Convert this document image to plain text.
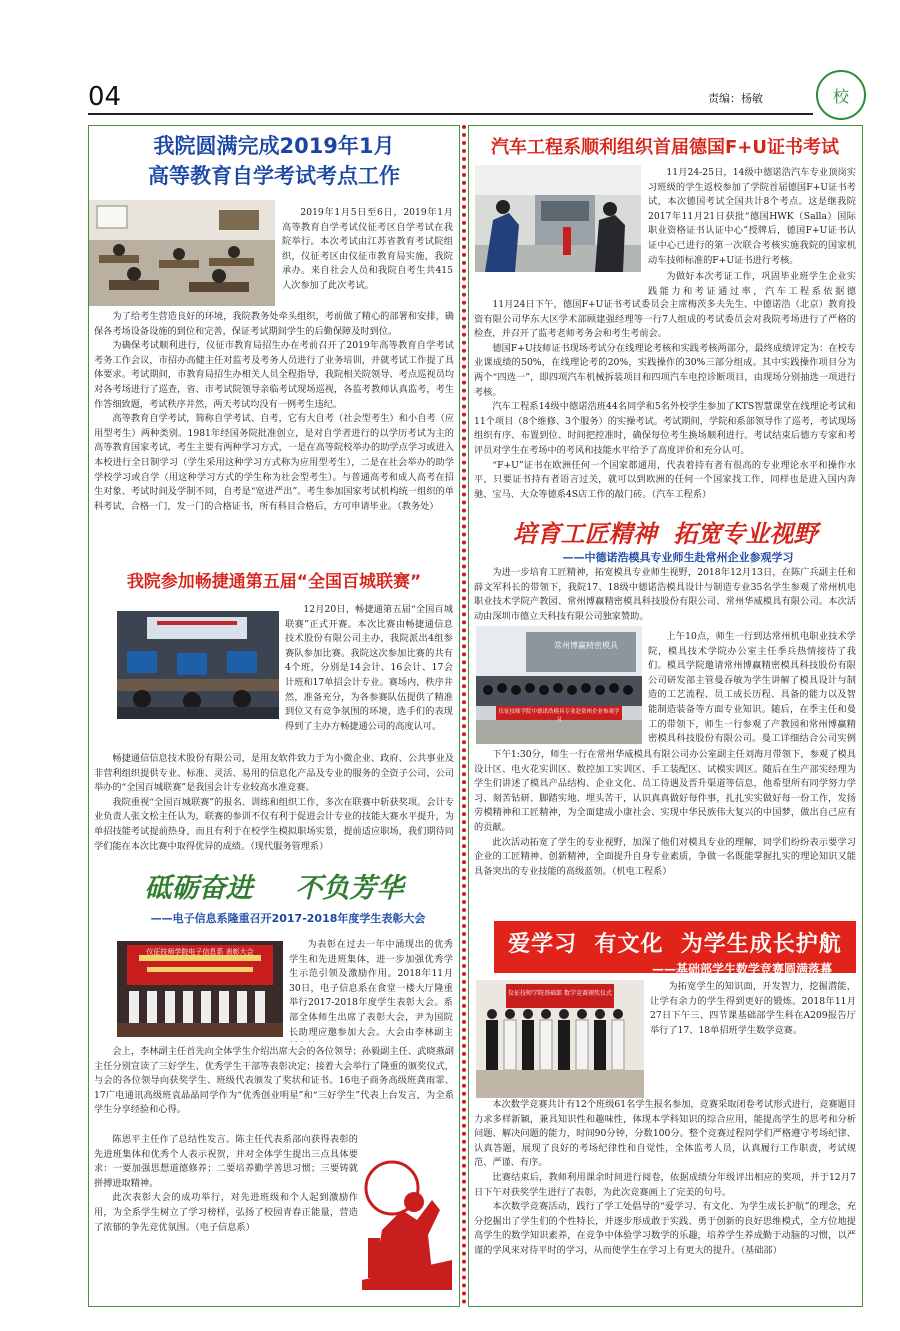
04	责编：杨敏	校
我院圆满完成2019年1月
高等教育自学考试考点工作
2019年1月5日至6日，2019年1月高等教育自学考试仪征考区自学考试在我院举行。本次考试由江苏省教育考试院组织，仪征考区由仪征市教育局实施，我院承办。来自社会人员和我院自考生共415人次参加了此次考试。

为了给考生营造良好的环境，我院教务处牵头组织，考前做了精心的部署和安排，确保各考场设备设施的到位和完善，保证考试期间学生的后勤保障及时到位。

为确保考试顺利进行，仪征市教育局招生办在考前召开了2019年高等教育自学考试考务工作会议，市招办高健主任对监考及考务人员进行了业务培训，并就考试工作提了具体要求。考试期间，市教育局招生办相关人员全程指导，我院相关院领导、考点巡视员均对各考场进行了巡查，省、市考试院领导亲临考试现场巡视，各监考教师认真监考，考生作答细致题，考试秩序井然，两天考试均没有一例考生违纪。

高等教育自学考试，简称自学考试、自考，它有大自考（社会型考生）和小自考（应用型考生）两种类别。1981年经国务院批准创立，是对自学者进行的以学历考试为主的高等教育国家考试，考生主要有两种学习方式，一是在高等院校举办的助学点学习或进入本校进行全日制学习（学生采用这种学习方式称为应用型考生），二是在社会举办的助学学校学习或自学（用这种学习方式的学生称为社会型考生）。与普通高考和成人高考在招生对象、考试时间及学制不同，自考是“宽进严出”。考生参加国家考试机构统一组织的单科考试，合格一门，发一门的合格证书，所有科目合格后，方可申请毕业。（教务处）

我院参加畅捷通第五届“全国百城联赛”
12月20日，畅捷通第五届“全国百城联赛”正式开赛。本次比赛由畅捷通信息技术股份有限公司主办，我院派出4组参赛队参加比赛。我院这次参加比赛的共有4个班，分别是14会计、16会计、17会计班和17单招会计专业。赛场内，秩序井然，准备充分，为各参赛队伍提供了精准到位又有竞争氛围的环境，选手们的表现得到了主办方畅捷通公司的高度认可。

畅捷通信信息技术股份有限公司，是用友软件致力于为小微企业、政府、公共事业及非营利组织提供专业、标准、灵活、易用的信息化产品及专业的服务的全资子公司，公司举办的“全国百城联赛”是我国会计专业较高水准竞赛。

我院重视“全国百城联赛”的报名、训练和组织工作，多次在联赛中斩获奖项。会计专业负责人张文松主任认为，联赛的参训不仅有利于促进会计专业的技能大赛水平提升，为单招技能考试提前热身，而且有利于在校学生模拟职场实景，提前适应职场，我们期待同学们能在本次比赛中取得优异的成绩。（现代服务管理系）

砥砺奋进 不负芳华
——电子信息系隆重召开2017-2018年度学生表彰大会
仪征技师学院电子信息系 表彰大会
为表彰在过去一年中涌现出的优秀学生和先进班集体，进一步加强优秀学生示范引领及激励作用。2018年11月30日，电子信息系在食堂一楼大厅隆重举行2017-2018年度学生表彰大会。系部全体师生出席了表彰大会，尹为国院长助理应邀参加大会。大会由李林副主

会上，李林副主任首先向全体学生介绍出席大会的各位领导；孙毅副主任、武晓燕副主任分别宣读了三好学生、优秀学生干部等表彰决定；接着大会举行了隆重的颁奖仪式，与会的各位领导向获奖学生、班级代表颁发了奖状和证书。16电子商务高级班龚雨霏、17广电通讯高级班袁晶晶同学作为“优秀创业明星”和“三好学生”代表上台发言，为全系学生分享经验和心得。

陈恩平主任作了总结性发言。陈主任代表系部向获得表彰的先进班集体和优秀个人表示祝贺，并对全体学生提出三点具体要求：一要加强思想道德修养；二要培养勤学善思习惯；三要铸就拼搏进取精神。

此次表彰大会的成功举行，对先进班级和个人起到激励作用，为全系学生树立了学习榜样，弘扬了校园青春正能量，营造了浓郁的争先竞优氛围。（电子信息系）

汽车工程系顺利组织首届德国F+U证书考试
11月24-25日，14级中德诺浩汽车专业顶岗实习班级的学生返校参加了学院首届德国F+U证书考试，本次德国考试全国共计8个考点。这是继我院2017年11月21日获批“德国HWK（Salla）国际职业资格证书认证中心”授牌后，德国F+U证书认证中心已进行的第一次联合考核实施我院的国家机动车技师标准的F+U证书进行考核。

为做好本次考证工作，巩固毕业班学生企业实践能力和考证通过率，汽车工程系依据德

11月24日下午，德国F+U证书考试委员会主席梅茨多夫先生、中德诺浩（北京）教育投资有限公司华东大区学术部顾建强经理等一行7人组成的考试委员会对我院考场进行了严格的检查，并召开了监考老师考务会和考生考前会。

德国F+U技师证书现场考试分在线理论考核和实践考核两部分，最终成绩评定为：在校专业课成绩的50%，在线理论考的20%，实践操作的30%三部分组成。其中实践操作项目分为两个“四选一”，即四项汽车机械拆装项目和四项汽车电控诊断项目，由现场分别抽选一项进行考核。

汽车工程系14级中德诺浩班44名同学和5名外校学生参加了KTS智慧课堂在线理论考试和11个项目（8个维修、3个服务）的实操考试。考试期间，学院和系部领导作了巡考，考试现场组织有序、布置到位、时间把控准时，确保每位考生换场顺利进行。考试结束后德方专家和考评员对学生在考场中的考风和技能水平给予了高度评价和充分认可。

“F+U”证书在欧洲任何一个国家都通用，代表着持有者有很高的专业理论水平和操作水平，只要证书持有者语言过关，就可以到欧洲的任何一个国家找工作，同样也是进入国内奔驰、宝马、大众等德系4S店工作的敲门砖。（汽车工程系）

培育工匠精神  拓宽专业视野
——中德诺浩模具专业师生赴常州企业参观学习
为进一步培育工匠精神，拓宽模具专业师生视野，2018年12月13日，在陈广兵副主任和薛文军科长的带领下，我院17、18级中德诺浩模具设计与制造专业35名学生参观了常州机电职业技术学院产教园、常州博赢精密模具科技股份有限公司、常州华威模具有限公司。本次活动由深圳市德立天科技有限公司独家赞助。
常州博赢精密模具
仪征技师学院中德诺浩模具专业赴常州企业参观学习

上午10点，师生一行到达常州机电职业技术学院，模具技术学院办公室主任季兵热情接待了我们。模具学院邀请常州博赢精密模具科技股份有限公司研发部主管曼吞敏为学生讲解了模具设计与制造的工艺流程、员工成长历程、具备的能力以及智能制造装备等方面专业知识。随后，在季主任和曼工的带领下，师生一行参观了产教园和常州博赢精密模具科技股份有限公司。曼工详细结合公司实例

下午1:30分，师生一行在常州华威模具有限公司办公室副主任刘海月带领下，参观了模具设计区、电火花实训区、数控加工实训区、手工装配区、试模实训区。随后在生产部实经理为学生们讲述了模具产品结构、企业文化、员工待遇及晋升渠道等信息，他希望所有同学努力学习、刻苦钻研、脚踏实地、埋头苦干，认识真真做好每件事，扎扎实实做好每一份工作，发扬劳模精神和工匠精神，为全面建成小康社会、实现中华民族伟大复兴的中国梦，做出自己应有的贡献。

此次活动拓宽了学生的专业视野，加深了他们对模具专业的理解，同学们纷纷表示要学习企业的工匠精神、创新精神，全面提升自身专业素质，争做一名既能掌握扎实的理论知识又能具备突出的专业技能的高级蓝领。（机电工程系）

爱学习  有文化  为学生成长护航
——基础部学生数学竞赛圆满落幕
仪征技师学院基础部 数学竞赛颁奖仪式
为拓宽学生的知识面，开发智力，挖掘潜能，让学有余力的学生得到更好的锻炼。2018年11月27日下午三、四节课基础部学生科在A209报告厅举行了17、18单招班学生数学竞赛。

本次数学竞赛共计有12个班级61名学生报名参加，竞赛采取闭卷考试形式进行，竞赛题目力求多样新颖，兼具知识性和趣味性，体现本学科知识的综合应用，能提高学生的思考和分析问题、解决问题的能力，时间90分钟，分数100分。整个竞赛过程同学们严格遵守考场纪律、认真答题，展现了良好的考场纪律性和自觉性，全体监考人员，认真履行工作职责，考试规范、严谨、有序。

比赛结束后，教师利用课余时间进行阅卷，依据成绩分年级评出相应的奖项，并于12月7日下午对获奖学生进行了表彰，为此次竞赛画上了完美的句号。

本次数学竞赛活动，践行了学工处倡导的“爱学习、有文化、为学生成长护航”的理念，充分挖掘出了学生们的个性特长，并逐步形成敢于实践、勇于创新的良好思维模式，全方位地提高学生的数学知识素养，在竞争中体验学习数学的乐趣，培养学生养成勤于动脑的习惯，以严谨的学风来对待平时的学习，从而使学生在学习上有更大的提升。（基础部）
